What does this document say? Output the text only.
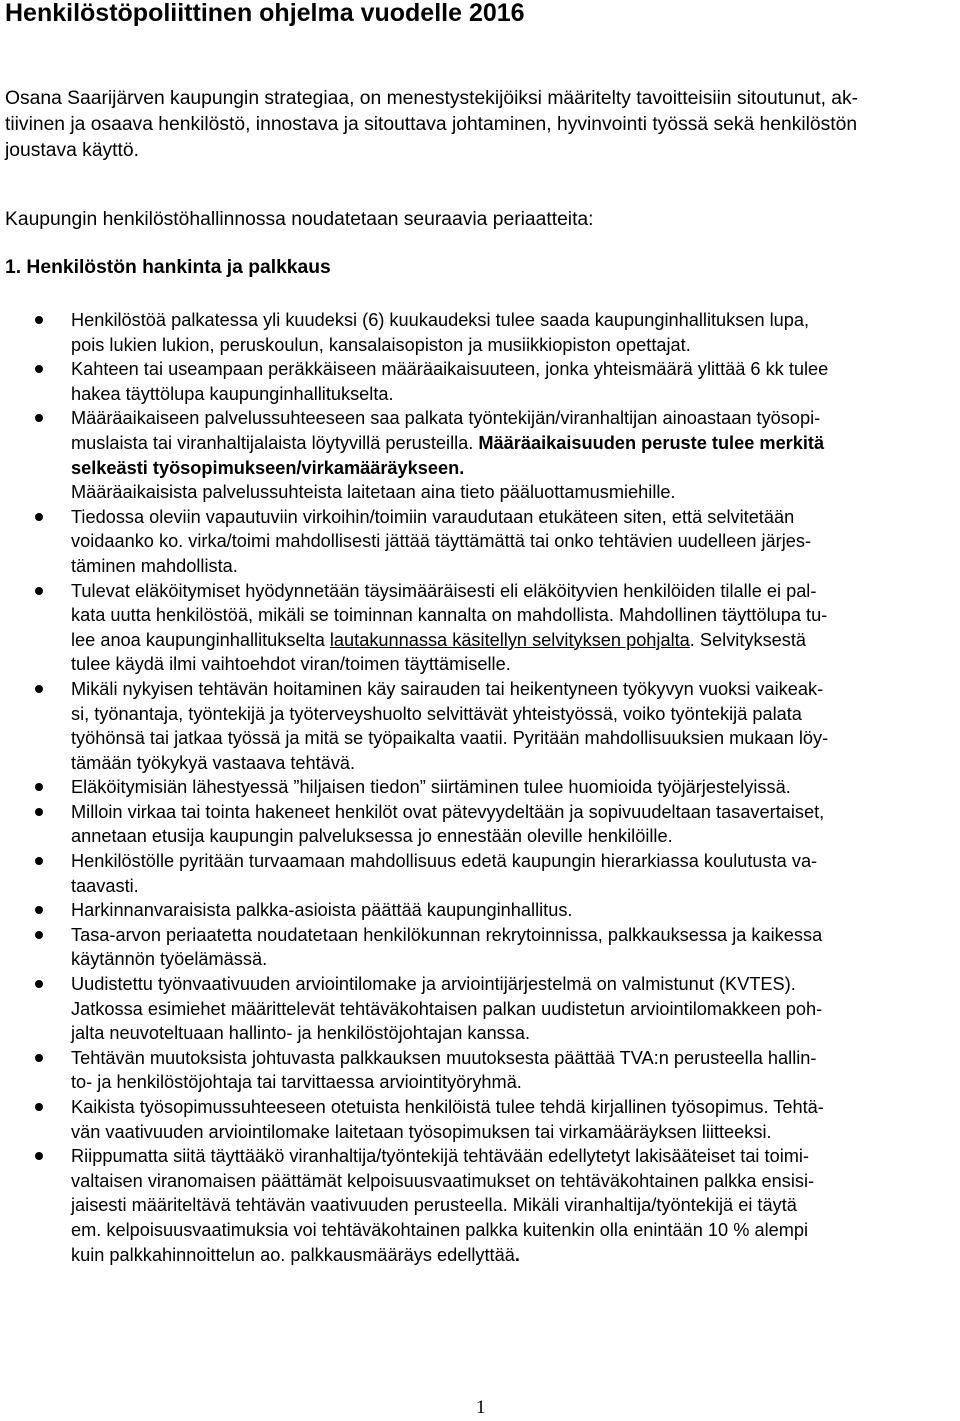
Henkilöstöpoliittinen ohjelma vuodelle 2016

Osana Saarijärven kaupungin strategiaa, on menestystekijöiksi määritelty tavoitteisiin sitoutunut, ak-
tiivinen ja osaava henkilöstö, innostava ja sitouttava johtaminen, hyvinvointi työssä sekä henkilöstön
joustava käyttö.

Kaupungin henkilöstöhallinnossa noudatetaan seuraavia periaatteita:

1. Henkilöstön hankinta ja palkkaus
Henkilöstöä palkatessa yli kuudeksi (6) kuukaudeksi tulee saada kaupunginhallituksen lupa,
pois lukien lukion, peruskoulun, kansalaisopiston ja musiikkiopiston opettajat.
Kahteen tai useampaan peräkkäiseen määräaikaisuuteen, jonka yhteismäärä ylittää 6 kk tulee
hakea täyttölupa kaupunginhallitukselta.
Määräaikaiseen palvelussuhteeseen saa palkata työntekijän/viranhaltijan ainoastaan työsopi-
muslaista tai viranhaltijalaista löytyvillä perusteilla. Määräaikaisuuden peruste tulee merkitä
selkeästi työsopimukseen/virkamääräykseen.
Määräaikaisista palvelussuhteista laitetaan aina tieto pääluottamusmiehille.
Tiedossa oleviin vapautuviin virkoihin/toimiin varaudutaan etukäteen siten, että selvitetään
voidaanko ko. virka/toimi mahdollisesti jättää täyttämättä tai onko tehtävien uudelleen järjes-
täminen mahdollista.
Tulevat eläköitymiset hyödynnetään täysimääräisesti eli eläköityvien henkilöiden tilalle ei pal-
kata uutta henkilöstöä, mikäli se toiminnan kannalta on mahdollista. Mahdollinen täyttölupa tu-
lee anoa kaupunginhallitukselta lautakunnassa käsitellyn selvityksen pohjalta. Selvityksestä
tulee käydä ilmi vaihtoehdot viran/toimen täyttämiselle.
Mikäli nykyisen tehtävän hoitaminen käy sairauden tai heikentyneen työkyvyn vuoksi vaikeak-
si, työnantaja, työntekijä ja työterveyshuolto selvittävät yhteistyössä, voiko työntekijä palata
työhönsä tai jatkaa työssä ja mitä se työpaikalta vaatii. Pyritään mahdollisuuksien mukaan löy-
tämään työkykyä vastaava tehtävä.
Eläköitymisiän lähestyessä ”hiljaisen tiedon” siirtäminen tulee huomioida työjärjestelyissä.
Milloin virkaa tai tointa hakeneet henkilöt ovat pätevyydeltään ja sopivuudeltaan tasavertaiset,
annetaan etusija kaupungin palveluksessa jo ennestään oleville henkilöille.
Henkilöstölle pyritään turvaamaan mahdollisuus edetä kaupungin hierarkiassa koulutusta va-
taavasti.
Harkinnanvaraisista palkka-asioista päättää kaupunginhallitus.
Tasa-arvon periaatetta noudatetaan henkilökunnan rekrytoinnissa, palkkauksessa ja kaikessa
käytännön työelämässä.
Uudistettu työnvaativuuden arviointilomake ja arviointijärjestelmä on valmistunut (KVTES).
Jatkossa esimiehet määrittelevät tehtäväkohtaisen palkan uudistetun arviointilomakkeen poh-
jalta neuvoteltuaan hallinto- ja henkilöstöjohtajan kanssa.
Tehtävän muutoksista johtuvasta palkkauksen muutoksesta päättää TVA:n perusteella hallin-
to- ja henkilöstöjohtaja tai tarvittaessa arviointityöryhmä.
Kaikista työsopimussuhteeseen otetuista henkilöistä tulee tehdä kirjallinen työsopimus. Tehtä-
vän vaativuuden arviointilomake laitetaan työsopimuksen tai virkamääräyksen liitteeksi.
Riippumatta siitä täyttääkö viranhaltija/työntekijä tehtävään edellytetyt lakisääteiset tai toimi-
valtaisen viranomaisen päättämät kelpoisuusvaatimukset on tehtäväkohtainen palkka ensisi-
jaisesti määriteltävä tehtävän vaativuuden perusteella. Mikäli viranhaltija/työntekijä ei täytä
em. kelpoisuusvaatimuksia voi tehtäväkohtainen palkka kuitenkin olla enintään 10 % alempi
kuin palkkahinnoittelun ao. palkkausmääräys edellyttää.
1
